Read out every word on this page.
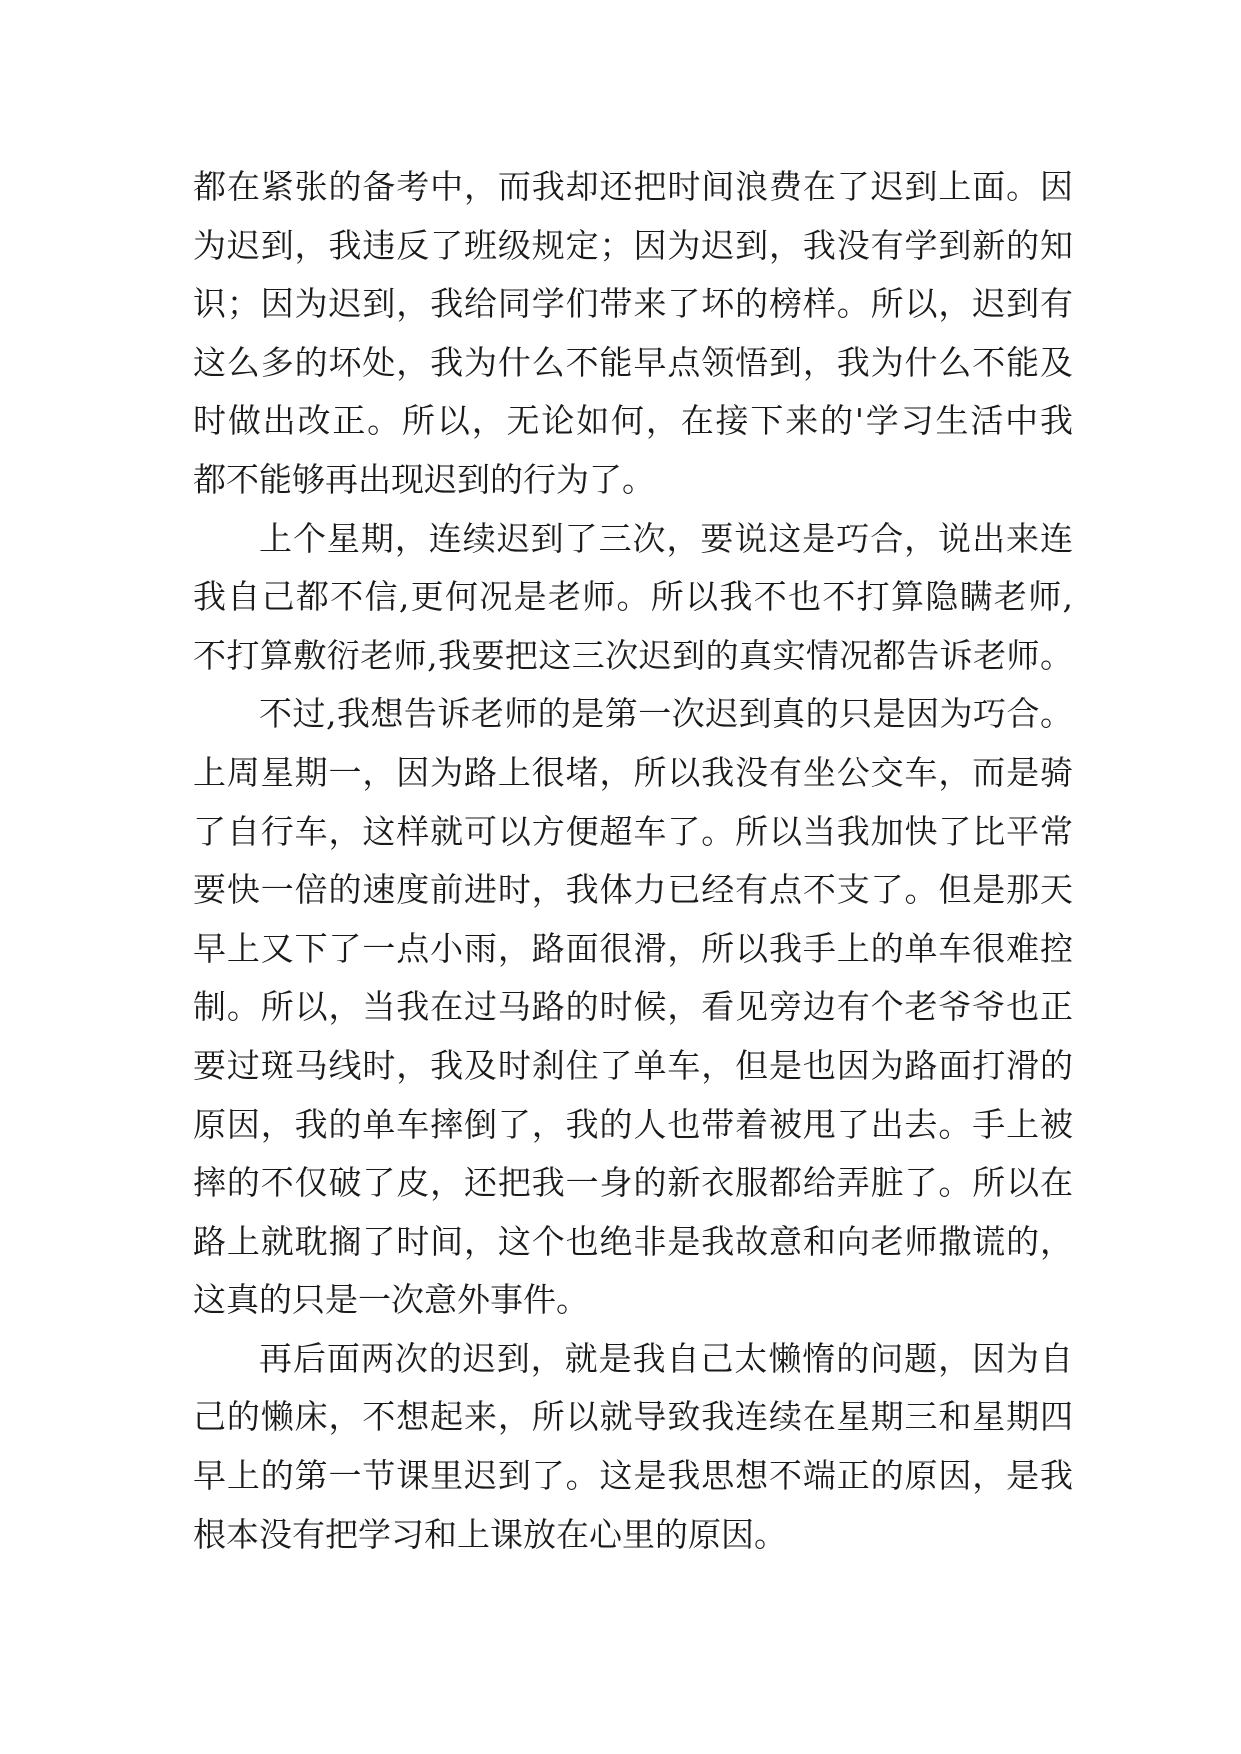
都在紧张的备考中，而我却还把时间浪费在了迟到上面。因
为迟到，我违反了班级规定；因为迟到，我没有学到新的知
识；因为迟到，我给同学们带来了坏的榜样。所以，迟到有
这么多的坏处，我为什么不能早点领悟到，我为什么不能及
时做出改正。所以，无论如何，在接下来的'学习生活中我
都不能够再出现迟到的行为了。
上个星期，连续迟到了三次，要说这是巧合，说出来连
我自己都不信,更何况是老师。所以我不也不打算隐瞒老师,
不打算敷衍老师,我要把这三次迟到的真实情况都告诉老师。
不过,我想告诉老师的是第一次迟到真的只是因为巧合。
上周星期一，因为路上很堵，所以我没有坐公交车，而是骑
了自行车，这样就可以方便超车了。所以当我加快了比平常
要快一倍的速度前进时，我体力已经有点不支了。但是那天
早上又下了一点小雨，路面很滑，所以我手上的单车很难控
制。所以，当我在过马路的时候，看见旁边有个老爷爷也正
要过斑马线时，我及时刹住了单车，但是也因为路面打滑的
原因，我的单车摔倒了，我的人也带着被甩了出去。手上被
摔的不仅破了皮，还把我一身的新衣服都给弄脏了。所以在
路上就耽搁了时间，这个也绝非是我故意和向老师撒谎的，
这真的只是一次意外事件。
再后面两次的迟到，就是我自己太懒惰的问题，因为自
己的懒床，不想起来，所以就导致我连续在星期三和星期四
早上的第一节课里迟到了。这是我思想不端正的原因，是我
根本没有把学习和上课放在心里的原因。
